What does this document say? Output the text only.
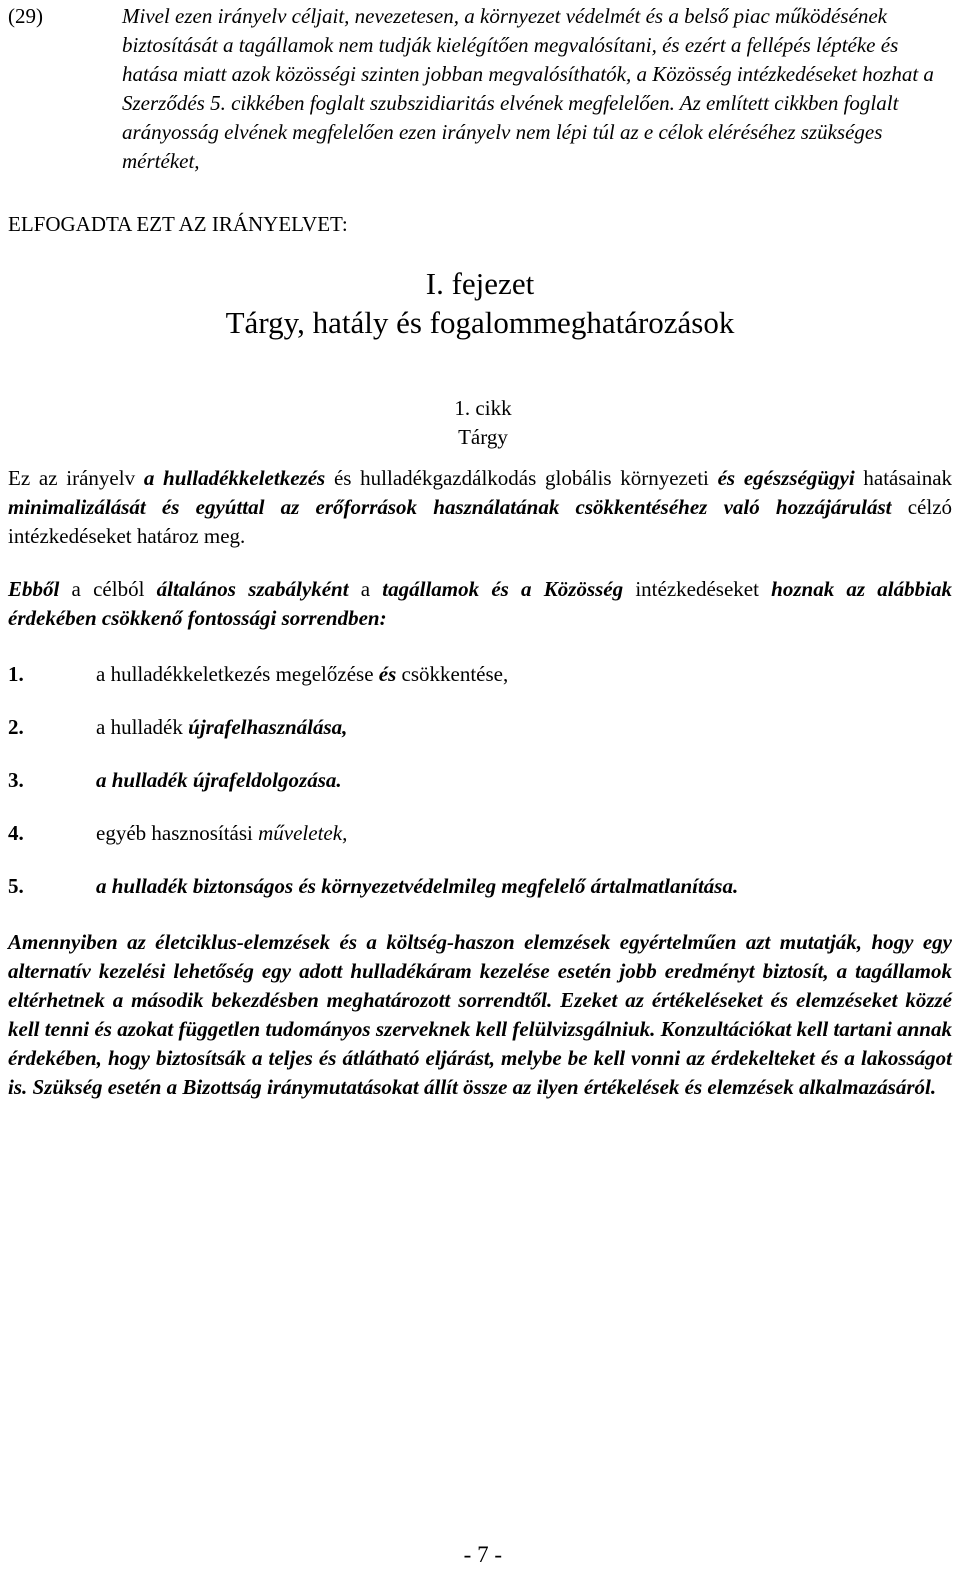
(29)	Mivel ezen irányelv céljait, nevezetesen, a környezet védelmét és a belső piac működésének biztosítását a tagállamok nem tudják kielégítően megvalósítani, és ezért a fellépés léptéke és hatása miatt azok közösségi szinten jobban megvalósíthatók, a Közösség intézkedéseket hozhat a Szerződés 5. cikkében foglalt szubszidiaritás elvének megfelelően. Az említett cikkben foglalt arányosság elvének megfelelően ezen irányelv nem lépi túl az e célok eléréséhez szükséges mértéket,
ELFOGADTA EZT AZ IRÁNYELVET:
I. fejezet
Tárgy, hatály és fogalommeghatározások
1. cikk
Tárgy
Ez az irányelv a hulladékkeletkezés és hulladékgazdálkodás globális környezeti és egészségügyi hatásainak minimalizálását és egyúttal az erőforrások használatának csökkentéséhez való hozzájárulást célzó intézkedéseket határoz meg.
Ebből a célból általános szabályként a tagállamok és a Közösség intézkedéseket hoznak az alábbiak érdekében csökkenő fontossági sorrendben:
1.	a hulladékkeletkezés megelőzése és csökkentése,
2.	a hulladék újrafelhasználása,
3.	a hulladék újrafeldolgozása.
4.	egyéb hasznosítási műveletek,
5.	a hulladék biztonságos és környezetvédelmileg megfelelő ártalmatlanítása.
Amennyiben az életciklus-elemzések és a költség-haszon elemzések egyértelműen azt mutatják, hogy egy alternatív kezelési lehetőség egy adott hulladékáram kezelése esetén jobb eredményt biztosít, a tagállamok eltérhetnek a második bekezdésben meghatározott sorrendtől. Ezeket az értékeléseket és elemzéseket közzé kell tenni és azokat független tudományos szerveknek kell felülvizsgálniuk. Konzultációkat kell tartani annak érdekében, hogy biztosítsák a teljes és átlátható eljárást, melybe be kell vonni az érdekelteket és a lakosságot is. Szükség esetén a Bizottság iránymutatásokat állít össze az ilyen értékelések és elemzések alkalmazásáról.
- 7 -
